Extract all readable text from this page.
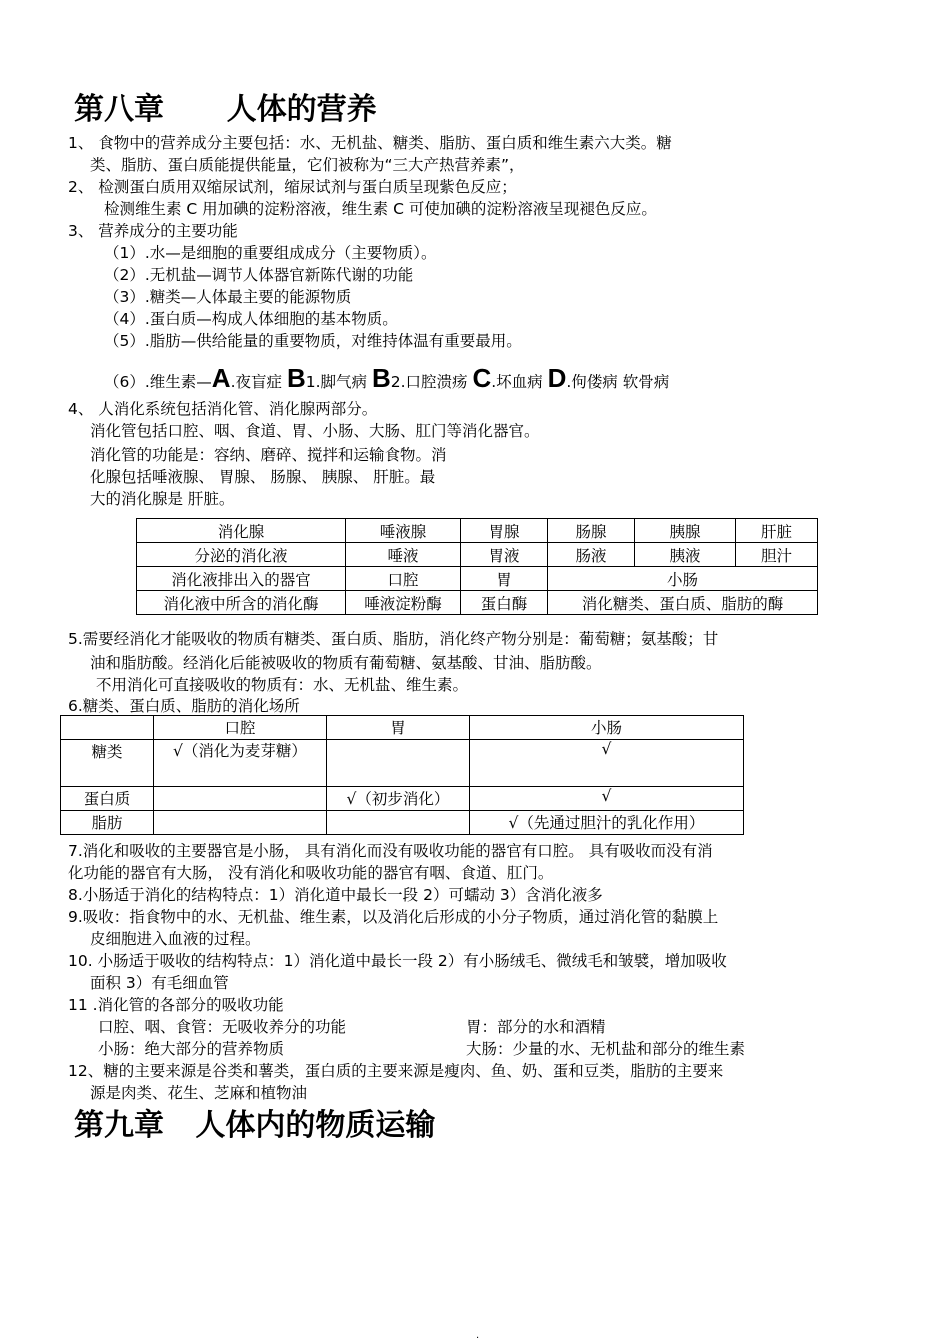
第八章      人体的营养
1、 食物中的营养成分主要包括：水、无机盐、糖类、脂肪、蛋白质和维生素六大类。糖
类、脂肪、蛋白质能提供能量，它们被称为“三大产热营养素”，
2、 检测蛋白质用双缩尿试剂，缩尿试剂与蛋白质呈现紫色反应；
检测维生素 C 用加碘的淀粉溶液，维生素 C 可使加碘的淀粉溶液呈现褪色反应。
3、 营养成分的主要功能
（1）.水—是细胞的重要组成成分（主要物质）。
（2）.无机盐—调节人体器官新陈代谢的功能
（3）.糖类—人体最主要的能源物质
（4）.蛋白质—构成人体细胞的基本物质。
（5）.脂肪—供给能量的重要物质，对维持体温有重要最用。
（6）.维生素—A.夜盲症 B1.脚气病 B2.口腔溃疡 C.坏血病 D.佝偻病 软骨病
4、 人消化系统包括消化管、消化腺两部分。
消化管包括口腔、咽、食道、胃、小肠、大肠、肛门等消化器官。
消化管的功能是：容纳、磨碎、搅拌和运输食物。消
化腺包括唾液腺、 胃腺、 肠腺、 胰腺、 肝脏。最
大的消化腺是 肝脏。
消化腺	唾液腺	胃腺	肠腺	胰腺	肝脏
分泌的消化液	唾液	胃液	肠液	胰液	胆汁
消化液排出入的器官	口腔	胃	小肠		
消化液中所含的消化酶	唾液淀粉酶	蛋白酶	消化糖类、蛋白质、脂肪的酶		
5.需要经消化才能吸收的物质有糖类、蛋白质、脂肪，消化终产物分别是：葡萄糖；氨基酸；甘
油和脂肪酸。经消化后能被吸收的物质有葡萄糖、氨基酸、甘油、脂肪酸。
不用消化可直接吸收的物质有：水、无机盐、维生素。
6.糖类、蛋白质、脂肪的消化场所
	口腔	胃	小肠
糖类	√（消化为麦芽糖）		√
蛋白质		√（初步消化）	√
脂肪			√（先通过胆汁的乳化作用）
7.消化和吸收的主要器官是小肠， 具有消化而没有吸收功能的器官有口腔。 具有吸收而没有消
化功能的器官有大肠， 没有消化和吸收功能的器官有咽、食道、肛门。
8.小肠适于消化的结构特点：1）消化道中最长一段 2）可蠕动 3）含消化液多
9.吸收：指食物中的水、无机盐、维生素，以及消化后形成的小分子物质，通过消化管的黏膜上
皮细胞进入血液的过程。
10. 小肠适于吸收的结构特点：1）消化道中最长一段 2）有小肠绒毛、微绒毛和皱襞，增加吸收
面积 3）有毛细血管
11 .消化管的各部分的吸收功能
口腔、咽、食管：无吸收养分的功能	胃：部分的水和酒精
小肠：绝大部分的营养物质	大肠：少量的水、无机盐和部分的维生素
12、糖的主要来源是谷类和薯类，蛋白质的主要来源是瘦肉、鱼、奶、蛋和豆类，脂肪的主要来
源是肉类、花生、芝麻和植物油
第九章   人体内的物质运输
.
